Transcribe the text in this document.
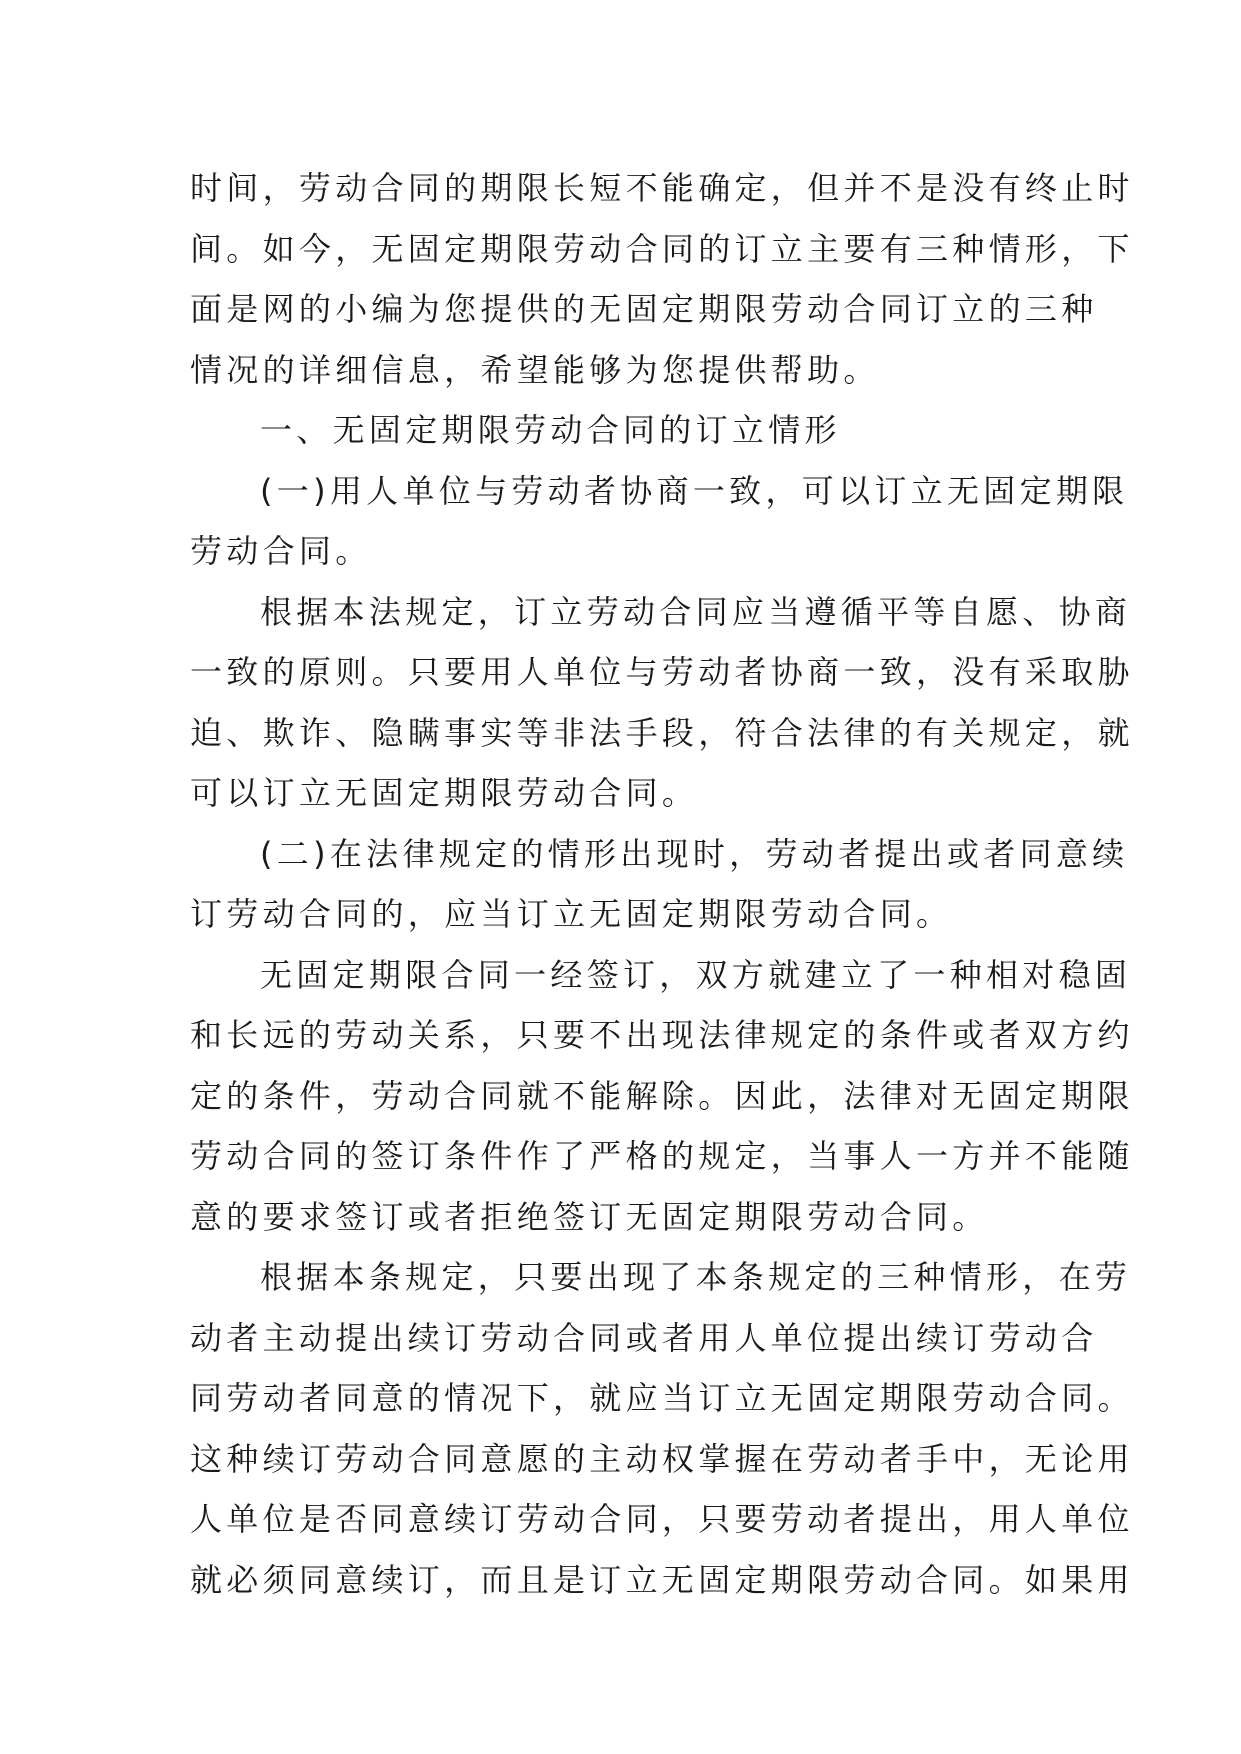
时间，劳动合同的期限长短不能确定，但并不是没有终止时
间。如今，无固定期限劳动合同的订立主要有三种情形，下
面是网的小编为您提供的无固定期限劳动合同订立的三种
情况的详细信息，希望能够为您提供帮助。
一、无固定期限劳动合同的订立情形
(一)用人单位与劳动者协商一致，可以订立无固定期限
劳动合同。
根据本法规定，订立劳动合同应当遵循平等自愿、协商
一致的原则。只要用人单位与劳动者协商一致，没有采取胁
迫、欺诈、隐瞒事实等非法手段，符合法律的有关规定，就
可以订立无固定期限劳动合同。
(二)在法律规定的情形出现时，劳动者提出或者同意续
订劳动合同的，应当订立无固定期限劳动合同。
无固定期限合同一经签订，双方就建立了一种相对稳固
和长远的劳动关系，只要不出现法律规定的条件或者双方约
定的条件，劳动合同就不能解除。因此，法律对无固定期限
劳动合同的签订条件作了严格的规定，当事人一方并不能随
意的要求签订或者拒绝签订无固定期限劳动合同。
根据本条规定，只要出现了本条规定的三种情形，在劳
动者主动提出续订劳动合同或者用人单位提出续订劳动合
同劳动者同意的情况下，就应当订立无固定期限劳动合同。
这种续订劳动合同意愿的主动权掌握在劳动者手中，无论用
人单位是否同意续订劳动合同，只要劳动者提出，用人单位
就必须同意续订，而且是订立无固定期限劳动合同。如果用
